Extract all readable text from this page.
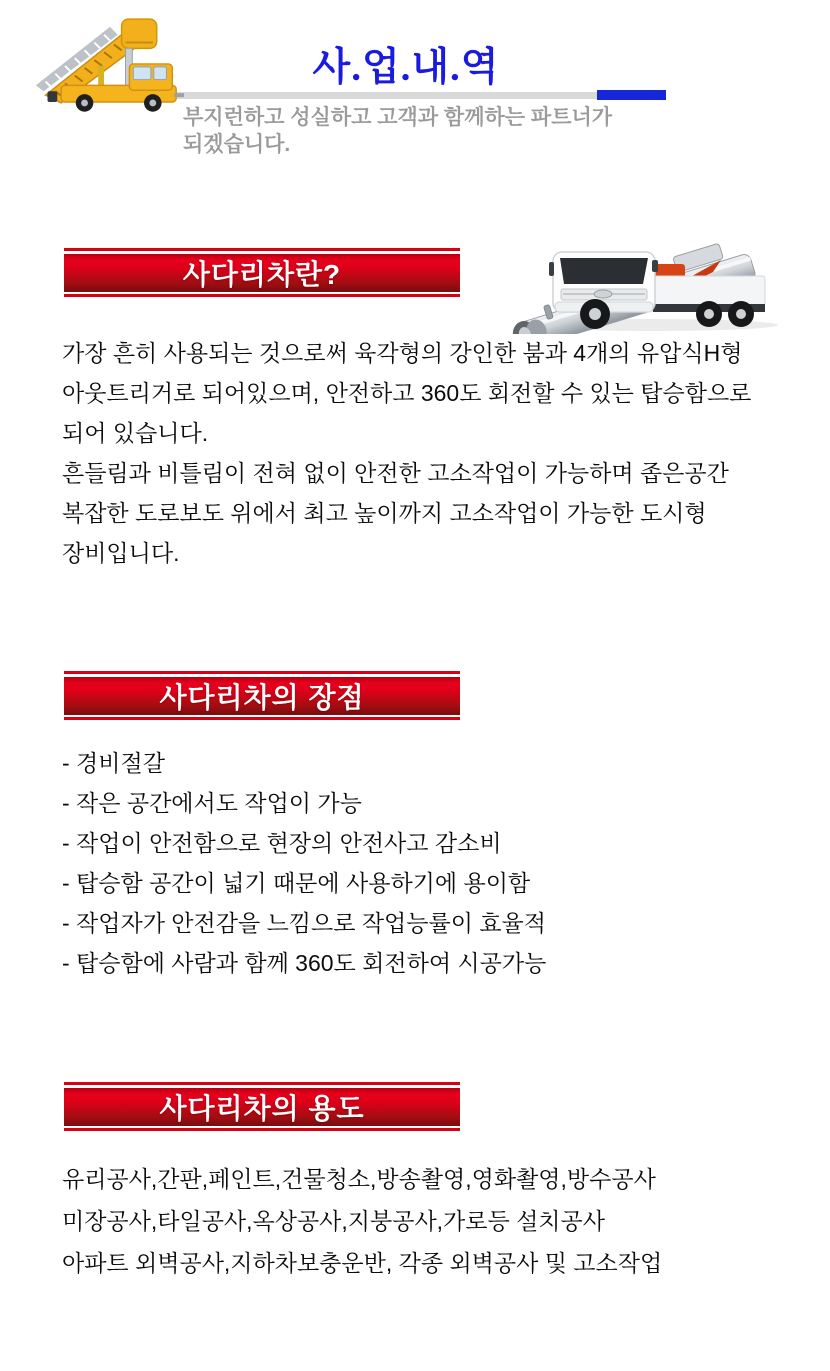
사.업.내.역
부지런하고 성실하고 고객과 함께하는 파트너가
되겠습니다.
사다리차란?
가장 흔히 사용되는 것으로써 육각형의 강인한 붐과 4개의 유압식H형
아웃트리거로 되어있으며, 안전하고 360도 회전할 수 있는 탑승함으로
되어 있습니다.
흔들림과 비틀림이 전혀 없이 안전한 고소작업이 가능하며 좁은공간
복잡한 도로보도 위에서 최고 높이까지 고소작업이 가능한 도시형
장비입니다.
사다리차의 장점
- 경비절갈
- 작은 공간에서도 작업이 가능
- 작업이 안전함으로 현장의 안전사고 감소비
- 탑승함 공간이 넓기 때문에 사용하기에 용이함
- 작업자가 안전감을 느낌으로 작업능률이 효율적
- 탑승함에 사람과 함께 360도 회전하여 시공가능
사다리차의 용도
유리공사,간판,페인트,건물청소,방송촬영,영화촬영,방수공사
미장공사,타일공사,옥상공사,지붕공사,가로등 설치공사
아파트 외벽공사,지하차보충운반, 각종 외벽공사 및 고소작업
